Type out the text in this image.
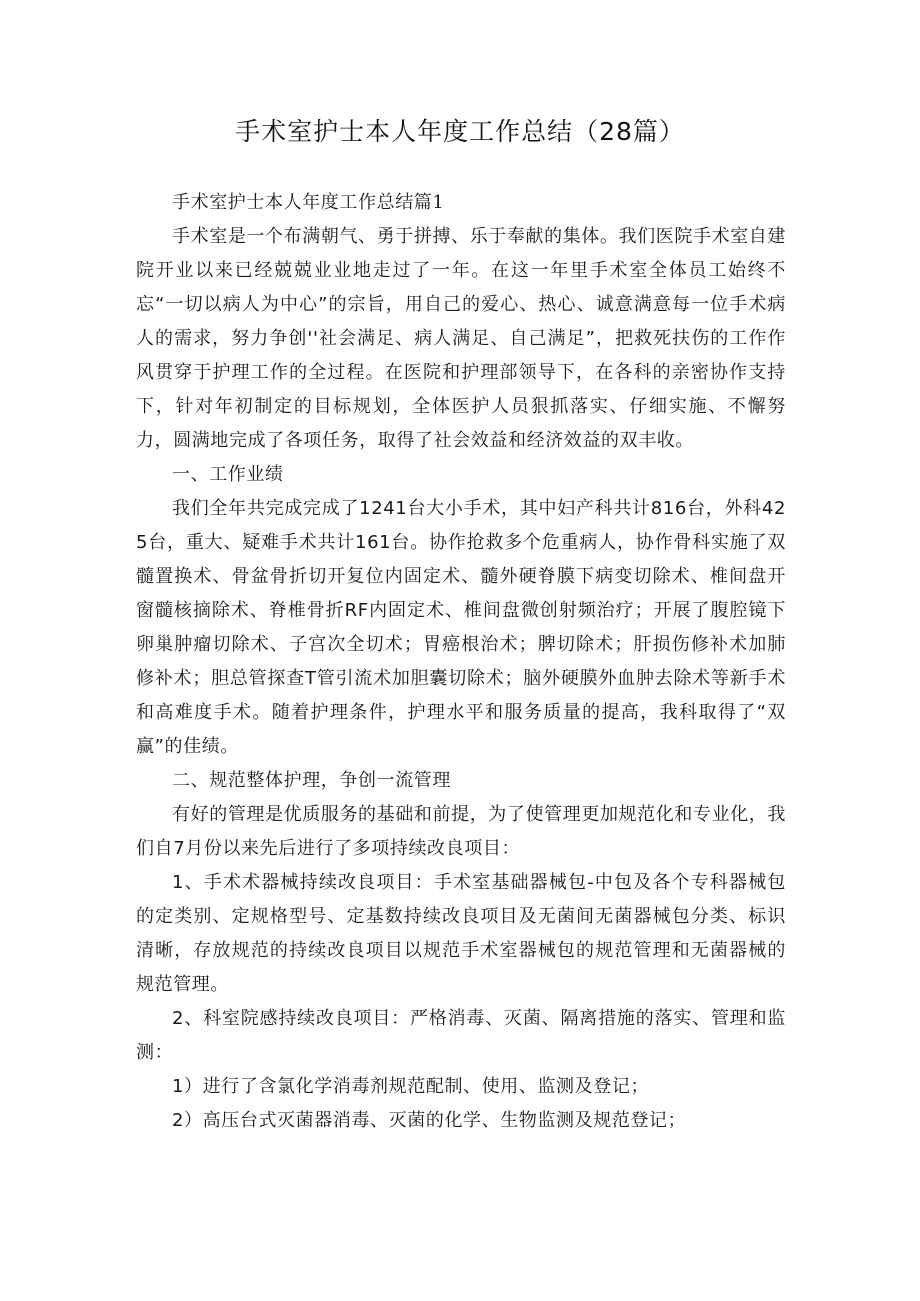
手术室护士本人年度工作总结（28篇）

手术室护士本人年度工作总结篇1

手术室是一个布满朝气、勇于拼搏、乐于奉献的集体。我们医院手术室自建院开业以来已经兢兢业业地走过了一年。在这一年里手术室全体员工始终不忘“一切以病人为中心”的宗旨，用自己的爱心、热心、诚意满意每一位手术病人的需求，努力争创''社会满足、病人满足、自己满足”，把救死扶伤的工作作风贯穿于护理工作的全过程。在医院和护理部领导下，在各科的亲密协作支持下，针对年初制定的目标规划，全体医护人员狠抓落实、仔细实施、不懈努力，圆满地完成了各项任务，取得了社会效益和经济效益的双丰收。

一、工作业绩

我们全年共完成完成了1241台大小手术，其中妇产科共计816台，外科425台，重大、疑难手术共计161台。协作抢救多个危重病人，协作骨科实施了双髓置换术、骨盆骨折切开复位内固定术、髓外硬脊膜下病变切除术、椎间盘开窗髓核摘除术、脊椎骨折RF内固定术、椎间盘微创射频治疗；开展了腹腔镜下卵巢肿瘤切除术、子宫次全切术；胃癌根治术；脾切除术；肝损伤修补术加肺修补术；胆总管探查T管引流术加胆囊切除术；脑外硬膜外血肿去除术等新手术和高难度手术。随着护理条件，护理水平和服务质量的提高，我科取得了“双赢”的佳绩。

二、规范整体护理，争创一流管理

有好的管理是优质服务的基础和前提，为了使管理更加规范化和专业化，我们自7月份以来先后进行了多项持续改良项目：

1、手术术器械持续改良项目：手术室基础器械包-中包及各个专科器械包的定类别、定规格型号、定基数持续改良项目及无菌间无菌器械包分类、标识清晰，存放规范的持续改良项目以规范手术室器械包的规范管理和无菌器械的规范管理。

2、科室院感持续改良项目：严格消毒、灭菌、隔离措施的落实、管理和监测：

1）进行了含氯化学消毒剂规范配制、使用、监测及登记；

2）高压台式灭菌器消毒、灭菌的化学、生物监测及规范登记；
